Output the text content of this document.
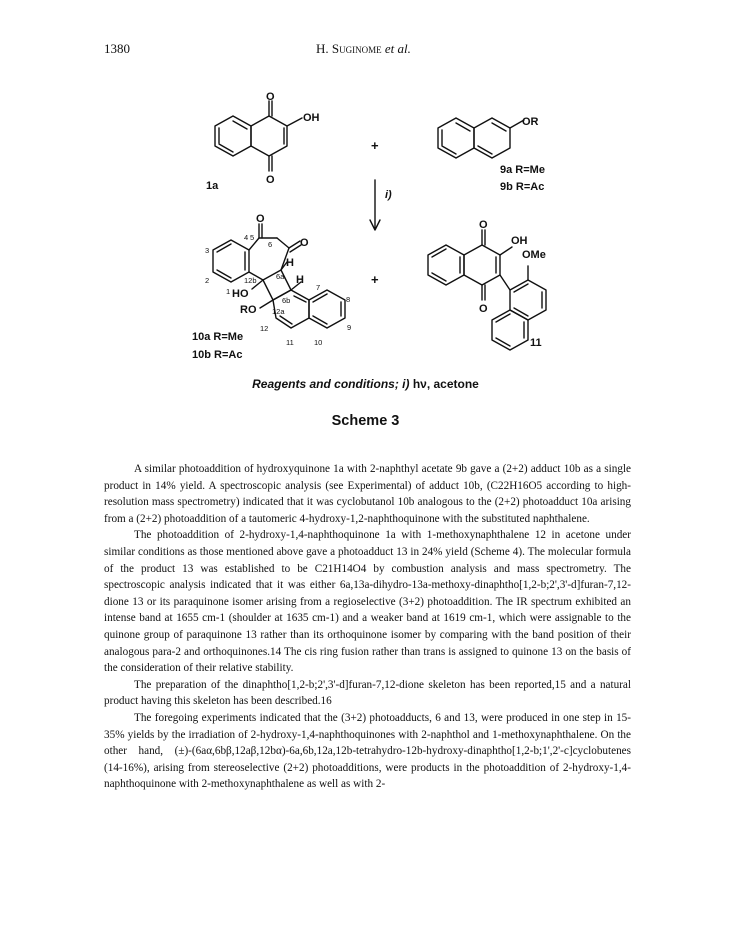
1380	H. Suginome et al.
O
O
OH
1a
+
OR
9a R=Me
9b R=Ac
i)
O
O
H
H
HO
RO
10a R=Me
10b R=Ac
+
O
O
OH
OMe
11
4 5
3
6
2
1
12b	6a
7
6b
12a
8
9
12
11	10
Reagents and conditions; i) hν, acetone
Scheme 3

A similar photoaddition of hydroxyquinone 1a with 2-naphthyl acetate 9b gave a (2+2) adduct 10b as a single product in 14% yield. A spectroscopic analysis (see Experimental) of adduct 10b, (C22H16O5 according to high-resolution mass spectrometry) indicated that it was cyclobutanol 10b analogous to the (2+2) photoadduct 10a arising from a (2+2) photoaddition of a tautomeric 4-hydroxy-1,2-naphthoquinone with the substituted naphthalene.

The photoaddition of 2-hydroxy-1,4-naphthoquinone 1a with 1-methoxynaphthalene 12 in acetone under similar conditions as those mentioned above gave a photoadduct 13 in 24% yield (Scheme 4). The molecular formula of the product 13 was established to be C21H14O4 by combustion analysis and mass spectrometry. The spectroscopic analysis indicated that it was either 6a,13a-dihydro-13a-methoxy-dinaphtho[1,2-b;2',3'-d]furan-7,12-dione 13 or its paraquinone isomer arising from a regioselective (3+2) photoaddition. The IR spectrum exhibited an intense band at 1655 cm-1 (shoulder at 1635 cm-1) and a weaker band at 1619 cm-1, which were assignable to the quinone group of paraquinone 13 rather than its orthoquinone isomer by comparing with the band position of their analogous para-2 and orthoquinones.14 The cis ring fusion rather than trans is assigned to quinone 13 on the basis of the consideration of their relative stability.

The preparation of the dinaphtho[1,2-b;2',3'-d]furan-7,12-dione skeleton has been reported,15 and a natural product having this skeleton has been described.16

The foregoing experiments indicated that the (3+2) photoadducts, 6 and 13, were produced in one step in 15-35% yields by the irradiation of 2-hydroxy-1,4-naphthoquinones with 2-naphthol and 1-methoxynaphthalene. On the other hand, (±)-(6aα,6bβ,12aβ,12bα)-6a,6b,12a,12b-tetrahydro-12b-hydroxy-dinaphtho[1,2-b;1',2'-c]cyclobutenes (14-16%), arising from stereoselective (2+2) photoadditions, were products in the photoaddition of 2-hydroxy-1,4-naphthoquinone with 2-methoxynaphthalene as well as with 2-
